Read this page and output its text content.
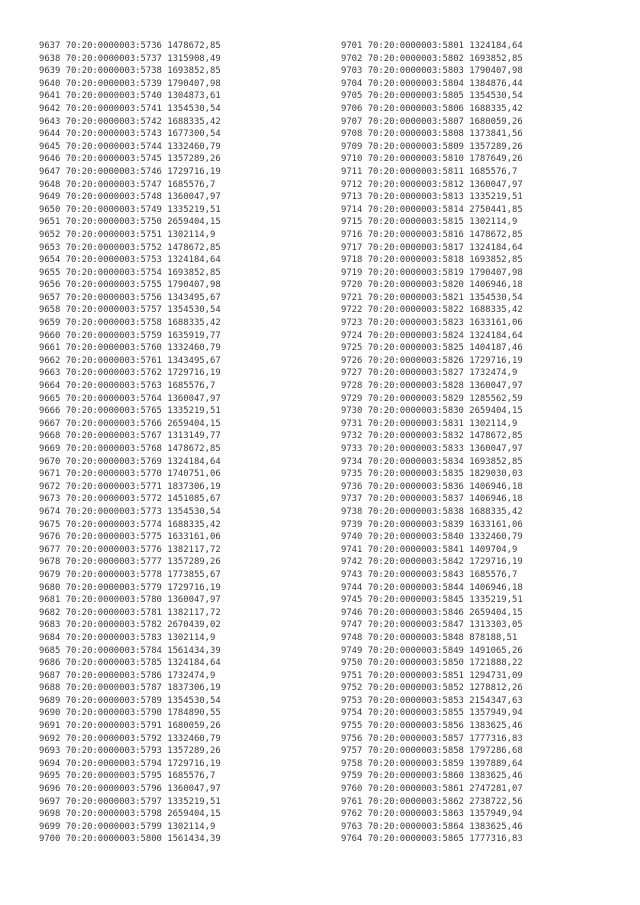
9637 70:20:0000003:5736 1478672,85
9638 70:20:0000003:5737 1315908,49
9639 70:20:0000003:5738 1693852,85
9640 70:20:0000003:5739 1790407,98
9641 70:20:0000003:5740 1304873,61
9642 70:20:0000003:5741 1354530,54
9643 70:20:0000003:5742 1688335,42
9644 70:20:0000003:5743 1677300,54
9645 70:20:0000003:5744 1332460,79
9646 70:20:0000003:5745 1357289,26
9647 70:20:0000003:5746 1729716,19
9648 70:20:0000003:5747 1685576,7
9649 70:20:0000003:5748 1360047,97
9650 70:20:0000003:5749 1335219,51
9651 70:20:0000003:5750 2659404,15
9652 70:20:0000003:5751 1302114,9
9653 70:20:0000003:5752 1478672,85
9654 70:20:0000003:5753 1324184,64
9655 70:20:0000003:5754 1693852,85
9656 70:20:0000003:5755 1790407,98
9657 70:20:0000003:5756 1343495,67
9658 70:20:0000003:5757 1354530,54
9659 70:20:0000003:5758 1688335,42
9660 70:20:0000003:5759 1635919,77
9661 70:20:0000003:5760 1332460,79
9662 70:20:0000003:5761 1343495,67
9663 70:20:0000003:5762 1729716,19
9664 70:20:0000003:5763 1685576,7
9665 70:20:0000003:5764 1360047,97
9666 70:20:0000003:5765 1335219,51
9667 70:20:0000003:5766 2659404,15
9668 70:20:0000003:5767 1313149,77
9669 70:20:0000003:5768 1478672,85
9670 70:20:0000003:5769 1324184,64
9671 70:20:0000003:5770 1740751,06
9672 70:20:0000003:5771 1837306,19
9673 70:20:0000003:5772 1451085,67
9674 70:20:0000003:5773 1354530,54
9675 70:20:0000003:5774 1688335,42
9676 70:20:0000003:5775 1633161,06
9677 70:20:0000003:5776 1382117,72
9678 70:20:0000003:5777 1357289,26
9679 70:20:0000003:5778 1773855,67
9680 70:20:0000003:5779 1729716,19
9681 70:20:0000003:5780 1360047,97
9682 70:20:0000003:5781 1382117,72
9683 70:20:0000003:5782 2670439,02
9684 70:20:0000003:5783 1302114,9
9685 70:20:0000003:5784 1561434,39
9686 70:20:0000003:5785 1324184,64
9687 70:20:0000003:5786 1732474,9
9688 70:20:0000003:5787 1837306,19
9689 70:20:0000003:5789 1354530,54
9690 70:20:0000003:5790 1784890,55
9691 70:20:0000003:5791 1680059,26
9692 70:20:0000003:5792 1332460,79
9693 70:20:0000003:5793 1357289,26
9694 70:20:0000003:5794 1729716,19
9695 70:20:0000003:5795 1685576,7
9696 70:20:0000003:5796 1360047,97
9697 70:20:0000003:5797 1335219,51
9698 70:20:0000003:5798 2659404,15
9699 70:20:0000003:5799 1302114,9
9700 70:20:0000003:5800 1561434,39
9701 70:20:0000003:5801 1324184,64
9702 70:20:0000003:5802 1693852,85
9703 70:20:0000003:5803 1790407,98
9704 70:20:0000003:5804 1384876,44
9705 70:20:0000003:5805 1354530,54
9706 70:20:0000003:5806 1688335,42
9707 70:20:0000003:5807 1680059,26
9708 70:20:0000003:5808 1373841,56
9709 70:20:0000003:5809 1357289,26
9710 70:20:0000003:5810 1787649,26
9711 70:20:0000003:5811 1685576,7
9712 70:20:0000003:5812 1360047,97
9713 70:20:0000003:5813 1335219,51
9714 70:20:0000003:5814 2750441,85
9715 70:20:0000003:5815 1302114,9
9716 70:20:0000003:5816 1478672,85
9717 70:20:0000003:5817 1324184,64
9718 70:20:0000003:5818 1693852,85
9719 70:20:0000003:5819 1790407,98
9720 70:20:0000003:5820 1406946,18
9721 70:20:0000003:5821 1354530,54
9722 70:20:0000003:5822 1688335,42
9723 70:20:0000003:5823 1633161,06
9724 70:20:0000003:5824 1324184,64
9725 70:20:0000003:5825 1404187,46
9726 70:20:0000003:5826 1729716,19
9727 70:20:0000003:5827 1732474,9
9728 70:20:0000003:5828 1360047,97
9729 70:20:0000003:5829 1285562,59
9730 70:20:0000003:5830 2659404,15
9731 70:20:0000003:5831 1302114,9
9732 70:20:0000003:5832 1478672,85
9733 70:20:0000003:5833 1360047,97
9734 70:20:0000003:5834 1693852,85
9735 70:20:0000003:5835 1829030,03
9736 70:20:0000003:5836 1406946,18
9737 70:20:0000003:5837 1406946,18
9738 70:20:0000003:5838 1688335,42
9739 70:20:0000003:5839 1633161,06
9740 70:20:0000003:5840 1332460,79
9741 70:20:0000003:5841 1409704,9
9742 70:20:0000003:5842 1729716,19
9743 70:20:0000003:5843 1685576,7
9744 70:20:0000003:5844 1406946,18
9745 70:20:0000003:5845 1335219,51
9746 70:20:0000003:5846 2659404,15
9747 70:20:0000003:5847 1313303,05
9748 70:20:0000003:5848 878188,51
9749 70:20:0000003:5849 1491065,26
9750 70:20:0000003:5850 1721888,22
9751 70:20:0000003:5851 1294731,09
9752 70:20:0000003:5852 1278812,26
9753 70:20:0000003:5853 2154347,63
9754 70:20:0000003:5855 1357949,94
9755 70:20:0000003:5856 1383625,46
9756 70:20:0000003:5857 1777316,83
9757 70:20:0000003:5858 1797286,68
9758 70:20:0000003:5859 1397889,64
9759 70:20:0000003:5860 1383625,46
9760 70:20:0000003:5861 2747281,07
9761 70:20:0000003:5862 2738722,56
9762 70:20:0000003:5863 1357949,94
9763 70:20:0000003:5864 1383625,46
9764 70:20:0000003:5865 1777316,83
